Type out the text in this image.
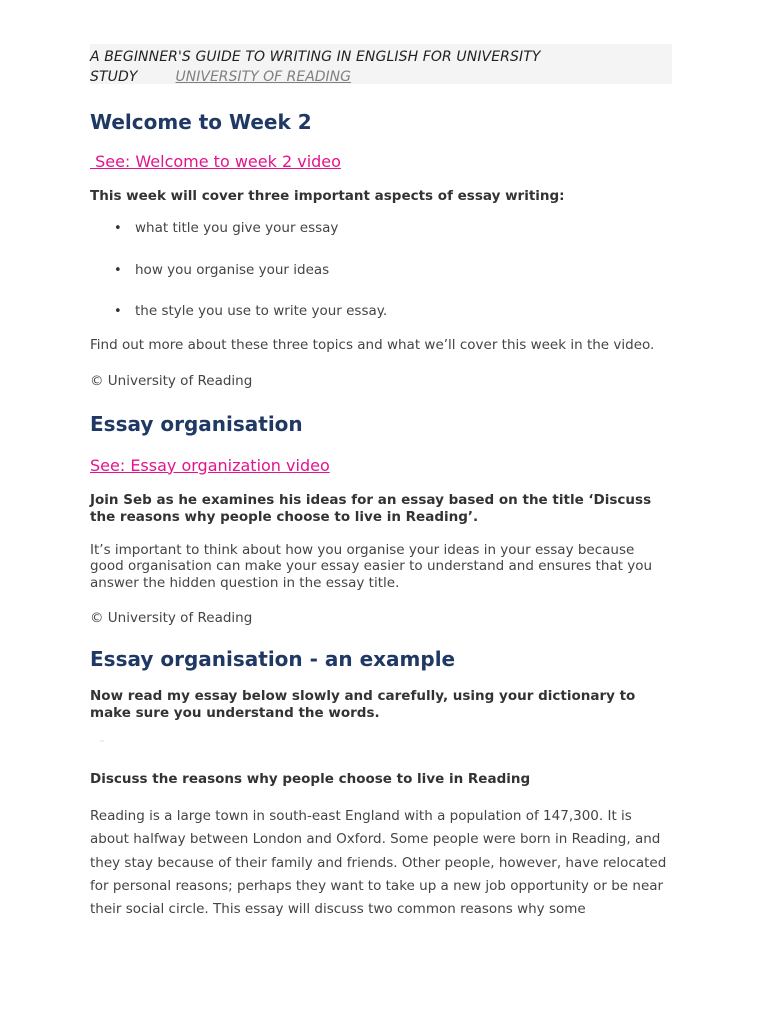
A BEGINNER'S GUIDE TO WRITING IN ENGLISH FOR UNIVERSITY STUDY	UNIVERSITY OF READING
Welcome to Week 2
See: Welcome to week 2 video

This week will cover three important aspects of essay writing:

• what title you give your essay
• how you organise your ideas
• the style you use to write your essay.

Find out more about these three topics and what we’ll cover this week in the video.

© University of Reading

Essay organisation
See: Essay organization video

Join Seb as he examines his ideas for an essay based on the title ‘Discuss the reasons why people choose to live in Reading’.

It’s important to think about how you organise your ideas in your essay because good organisation can make your essay easier to understand and ensures that you answer the hidden question in the essay title.

© University of Reading

Essay organisation - an example

Now read my essay below slowly and carefully, using your dictionary to make sure you understand the words.

Discuss the reasons why people choose to live in Reading

Reading is a large town in south-east England with a population of 147,300. It is about halfway between London and Oxford. Some people were born in Reading, and they stay because of their family and friends. Other people, however, have relocated for personal reasons; perhaps they want to take up a new job opportunity or be near their social circle. This essay will discuss two common reasons why some
